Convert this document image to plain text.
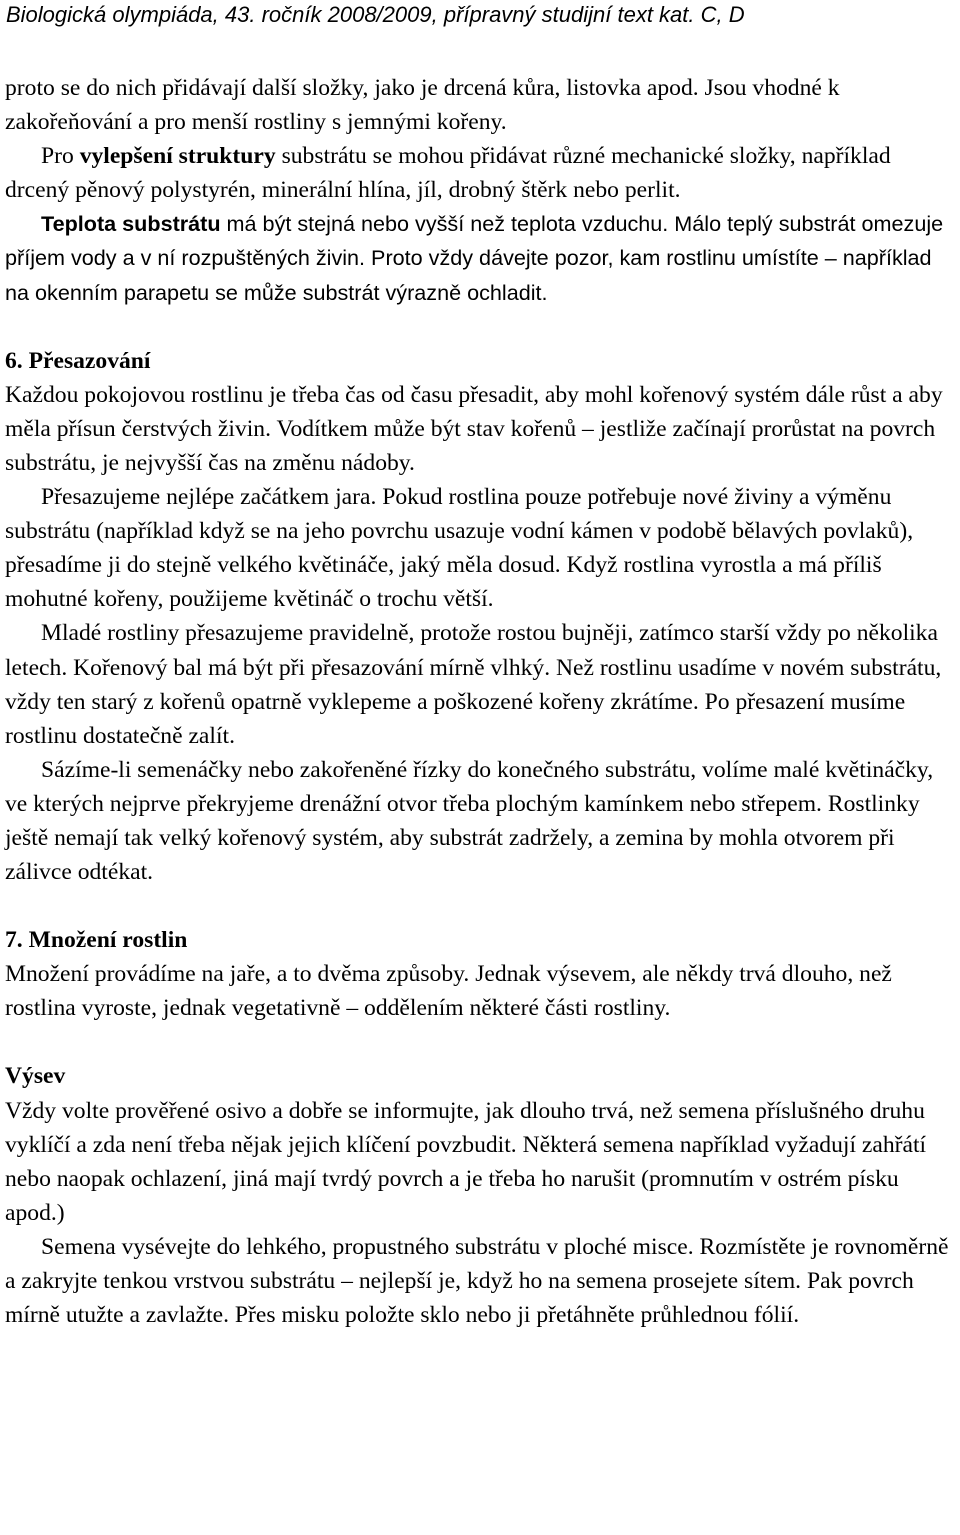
Biologická olympiáda, 43. ročník 2008/2009, přípravný studijní text kat. C, D

proto se do nich přidávají další složky, jako je drcená kůra, listovka apod. Jsou vhodné k zakořeňování a pro menší rostliny s jemnými kořeny.

Pro vylepšení struktury substrátu se mohou přidávat různé mechanické složky, například drcený pěnový polystyrén, minerální hlína, jíl, drobný štěrk nebo perlit.

Teplota substrátu má být stejná nebo vyšší než teplota vzduchu. Málo teplý substrát omezuje příjem vody a v ní rozpuštěných živin. Proto vždy dávejte pozor, kam rostlinu umístíte – například na okenním parapetu se může substrát výrazně ochladit.

6. Přesazování

Každou pokojovou rostlinu je třeba čas od času přesadit, aby mohl kořenový systém dále růst a aby měla přísun čerstvých živin. Vodítkem může být stav kořenů – jestliže začínají prorůstat na povrch substrátu, je nejvyšší čas na změnu nádoby.

Přesazujeme nejlépe začátkem jara. Pokud rostlina pouze potřebuje nové živiny a výměnu substrátu (například když se na jeho povrchu usazuje vodní kámen v podobě bělavých povlaků), přesadíme ji do stejně velkého květináče, jaký měla dosud. Když rostlina vyrostla a má příliš mohutné kořeny, použijeme květináč o trochu větší.

Mladé rostliny přesazujeme pravidelně, protože rostou bujněji, zatímco starší vždy po několika letech. Kořenový bal má být při přesazování mírně vlhký. Než rostlinu usadíme v novém substrátu, vždy ten starý z kořenů opatrně vyklepeme a poškozené kořeny zkrátíme. Po přesazení musíme rostlinu dostatečně zalít.

Sázíme-li semenáčky nebo zakořeněné řízky do konečného substrátu, volíme malé květináčky, ve kterých nejprve překryjeme drenážní otvor třeba plochým kamínkem nebo střepem. Rostlinky ještě nemají tak velký kořenový systém, aby substrát zadržely, a zemina by mohla otvorem při zálivce odtékat.

7. Množení rostlin

Množení provádíme na jaře, a to dvěma způsoby. Jednak výsevem, ale někdy trvá dlouho, než rostlina vyroste, jednak vegetativně – oddělením některé části rostliny.

Výsev

Vždy volte prověřené osivo a dobře se informujte, jak dlouho trvá, než semena příslušného druhu vyklíčí a zda není třeba nějak jejich klíčení povzbudit. Některá semena například vyžadují zahřátí nebo naopak ochlazení, jiná mají tvrdý povrch a je třeba ho narušit (promnutím v ostrém písku apod.)

Semena vysévejte do lehkého, propustného substrátu v ploché misce. Rozmístěte je rovnoměrně a zakryjte tenkou vrstvou substrátu – nejlepší je, když ho na semena prosejete sítem. Pak povrch mírně utužte a zavlažte. Přes misku položte sklo nebo ji přetáhněte průhlednou fólií.
